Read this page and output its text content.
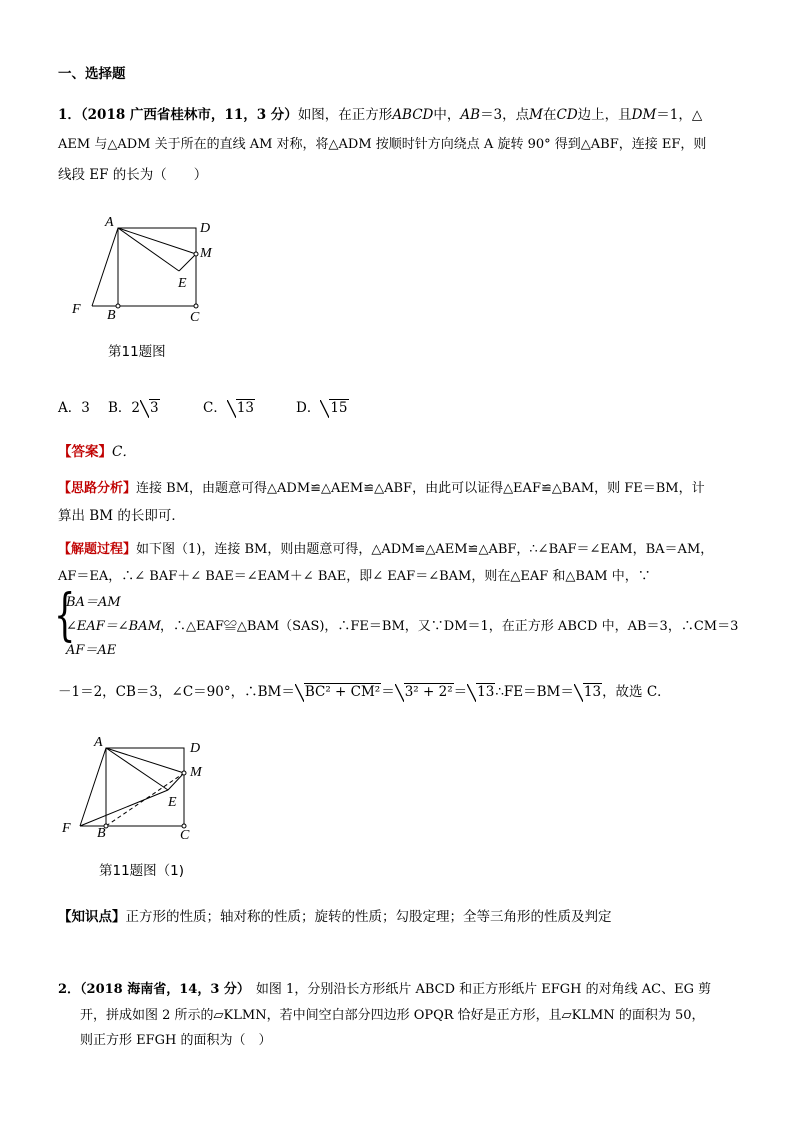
一、选择题
1．（2018 广西省桂林市，11，3 分）如图，在正方形ABCD中，AB＝3，点M在CD边上，且DM＝1，△
AEM 与△ADM 关于所在的直线 AM 对称，将△ADM 按顺时针方向绕点 A 旋转 90° 得到△ABF，连接 EF，则
线段 EF 的长为（　　）
A	D
M
E
F B	C
第11题图
A．3 B．2 3	C． 13	D． 15
【答案】C．
【思路分析】连接 BM，由题意可得△ADM≌△AEM≌△ABF，由此可以证得△EAF≌△BAM，则 FE＝BM，计
算出 BM 的长即可．
【解题过程】如下图（1)，连接 BM，则由题意可得，△ADM≌△AEM≌△ABF，∴∠BAF＝∠EAM，BA＝AM，
AF＝EA，∴∠ BAF＋∠ BAE＝∠EAM＋∠ BAE，即∠ EAF＝∠BAM，则在△EAF 和△BAM 中，∵
{
BA＝AM
∠EAF＝∠BAM
AF＝AE
，∴△EAF≌△BAM（SAS)，∴FE＝BM，又∵DM＝1，在正方形 ABCD 中，AB＝3，∴CM＝3
－1＝2，CB＝3，∠C＝90°，∴BM＝ BC² + CM²＝ 3² + 2²＝ 13∴FE＝BM＝ 13，故选 C．
A	D
M
E
F B	C
第11题图（1)
【知识点】正方形的性质；轴对称的性质；旋转的性质；勾股定理；全等三角形的性质及判定
2．（2018 海南省，14，3 分） 如图 1，分别沿长方形纸片 ABCD 和正方形纸片 EFGH 的对角线 AC、EG 剪
开，拼成如图 2 所示的▱KLMN，若中间空白部分四边形 OPQR 恰好是正方形，且▱KLMN 的面积为 50，
则正方形 EFGH 的面积为（　）
